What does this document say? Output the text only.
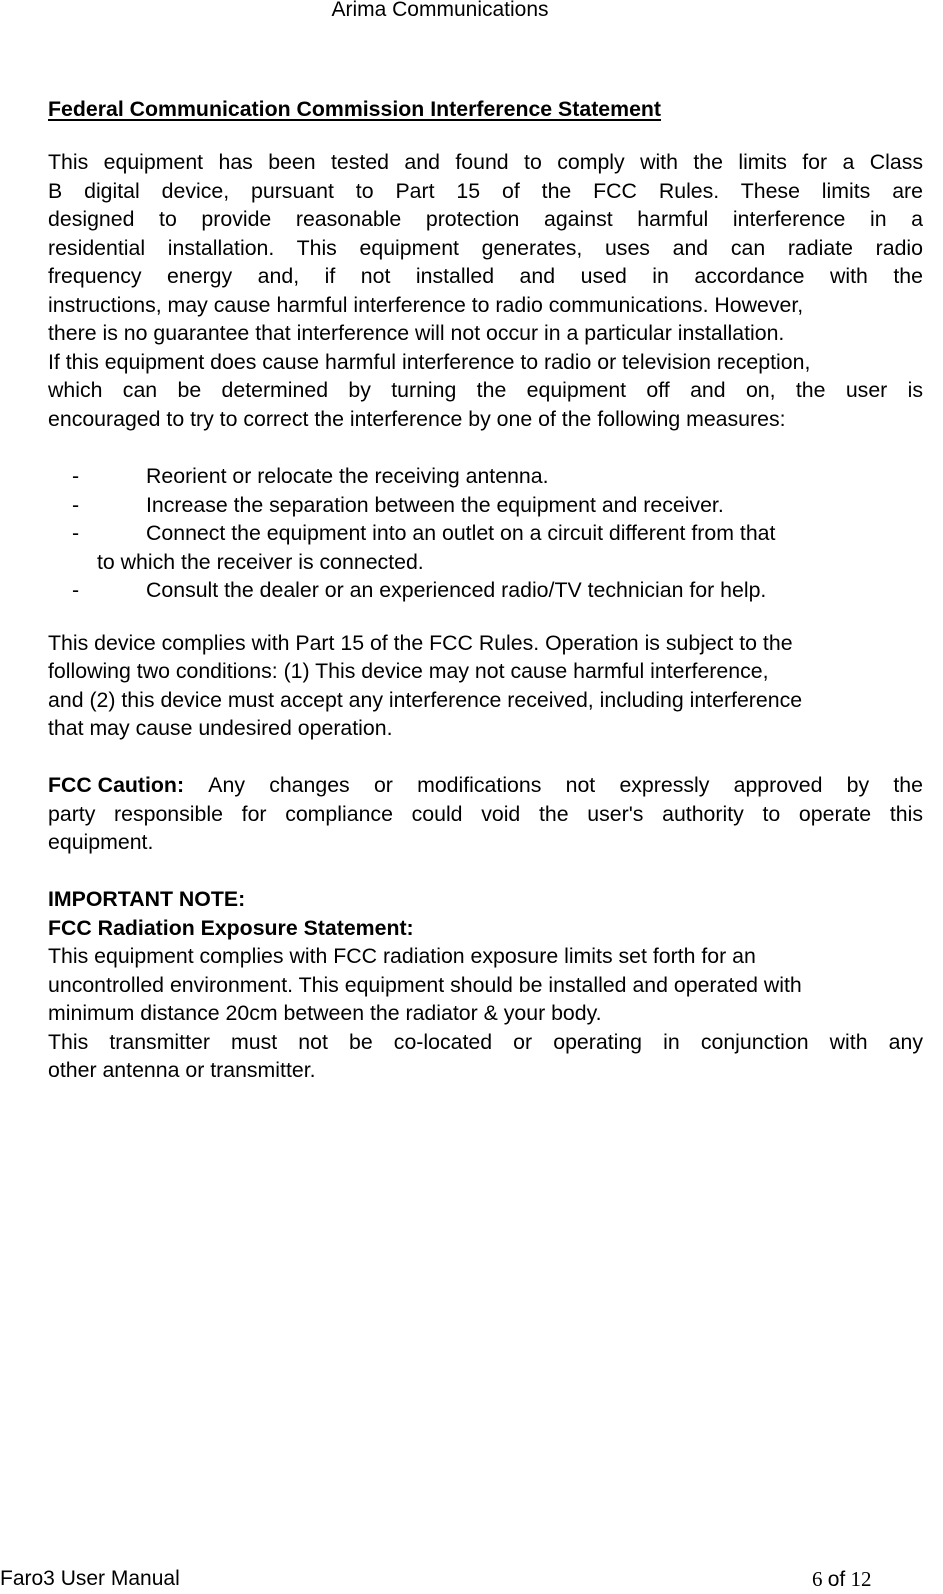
Arima Communications
Federal Communication Commission Interference Statement
This equipment has been tested and found to comply with the limits for a Class
B digital device, pursuant to Part 15 of the FCC Rules. These limits are
designed to provide reasonable protection against harmful interference in a
residential installation. This equipment generates, uses and can radiate radio
frequency energy and, if not installed and used in accordance with the
instructions, may cause harmful interference to radio communications. However,
there is no guarantee that interference will not occur in a particular installation.
If this equipment does cause harmful interference to radio or television reception,
which can be determined by turning the equipment off and on, the user is
encouraged to try to correct the interference by one of the following measures:
-	Reorient or relocate the receiving antenna.
-	Increase the separation between the equipment and receiver.
-	Connect the equipment into an outlet on a circuit different from that
to which the receiver is connected.
-	Consult the dealer or an experienced radio/TV technician for help.
This device complies with Part 15 of the FCC Rules. Operation is subject to the
following two conditions: (1) This device may not cause harmful interference,
and (2) this device must accept any interference received, including interference
that may cause undesired operation.
FCC Caution: Any changes or modifications not expressly approved by the
party responsible for compliance could void the user's authority to operate this
equipment.
IMPORTANT NOTE:
FCC Radiation Exposure Statement:
This equipment complies with FCC radiation exposure limits set forth for an
uncontrolled environment. This equipment should be installed and operated with
minimum distance 20cm between the radiator & your body.
This transmitter must not be co-located or operating in conjunction with any
other antenna or transmitter.
Faro3 User Manual	6 of 12
